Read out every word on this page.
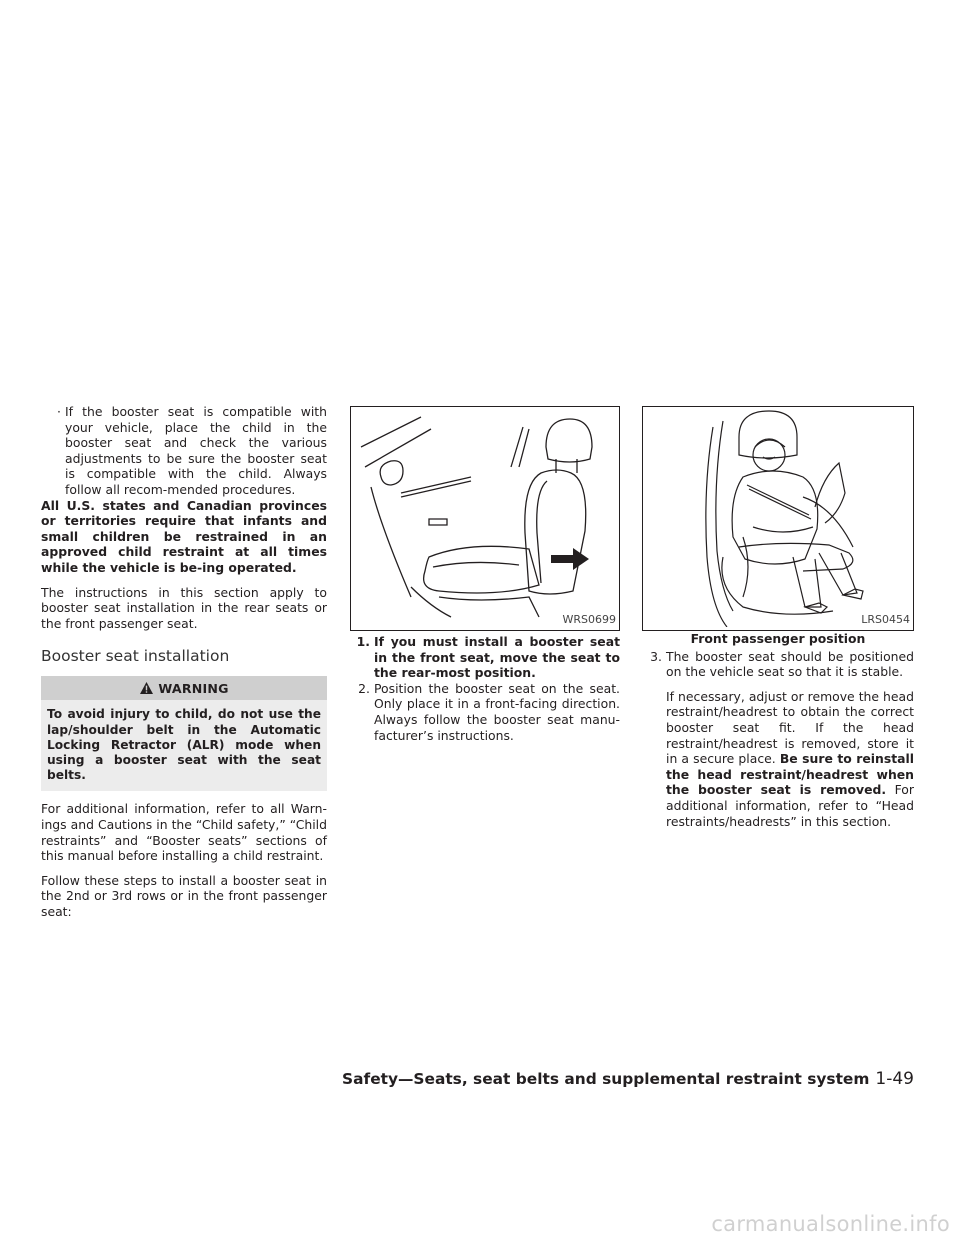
· If the booster seat is compatible with your vehicle, place the child in the booster seat and check the various adjustments to be sure the booster seat is compatible with the child. Always follow all recom-mended procedures.

All U.S. states and Canadian provinces or territories require that infants and small children be restrained in an approved child restraint at all times while the vehicle is be-ing operated.

The instructions in this section apply to booster seat installation in the rear seats or the front passenger seat.

Booster seat installation

WARNING
To avoid injury to child, do not use the lap/shoulder belt in the Automatic Locking Retractor (ALR) mode when using a booster seat with the seat belts.

For additional information, refer to all Warn-ings and Cautions in the “Child safety,” “Child restraints” and “Booster seats” sections of this manual before installing a child restraint.

Follow these steps to install a booster seat in the 2nd or 3rd rows or in the front passenger seat:

WRS0699

1. If you must install a booster seat in the front seat, move the seat to the rear-most position.

2. Position the booster seat on the seat. Only place it in a front-facing direction. Always follow the booster seat manu-facturer’s instructions.

LRS0454

Front passenger position

3. The booster seat should be positioned on the vehicle seat so that it is stable.

If necessary, adjust or remove the head restraint/headrest to obtain the correct booster seat fit. If the head restraint/headrest is removed, store it in a secure place. Be sure to reinstall the head restraint/headrest when the booster seat is removed. For additional information, refer to “Head restraints/headrests” in this section.

Safety—Seats, seat belts and supplemental restraint system 1-49
carmanualsonline.info
